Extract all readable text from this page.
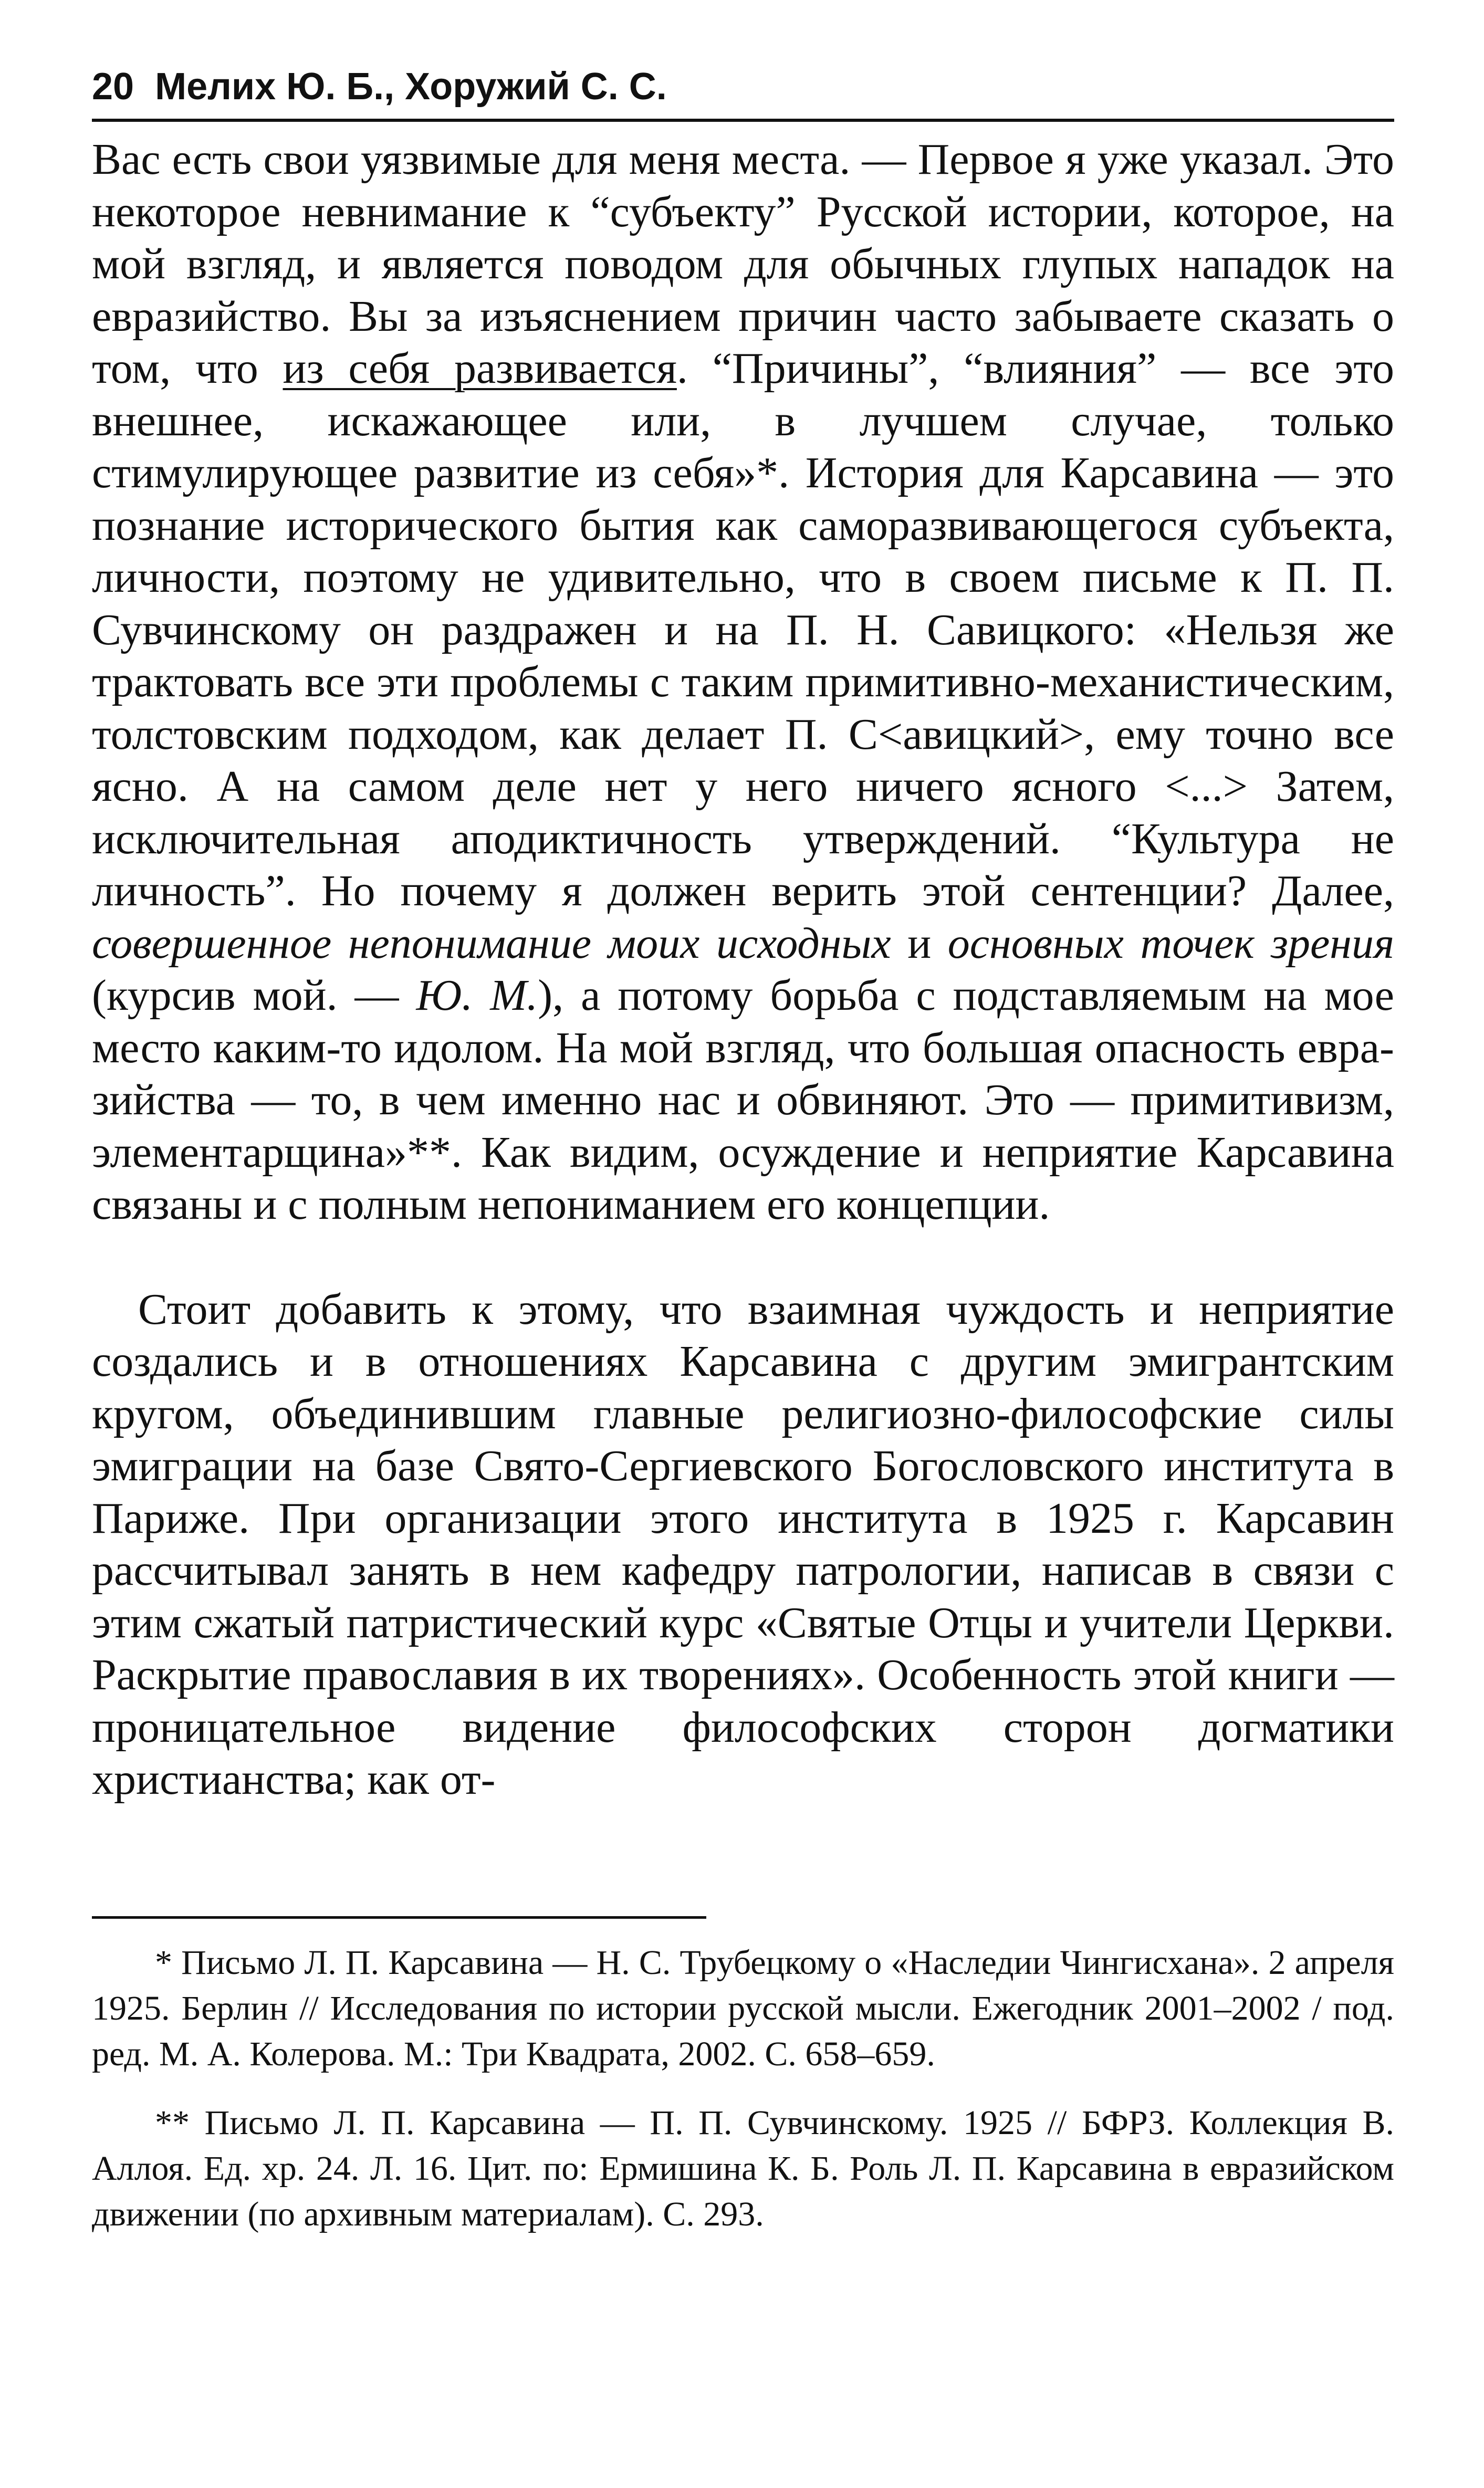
20 Мелих Ю. Б., Хоружий С. С.

Вас есть свои уязвимые для меня места. — Первое я уже указал. Это некоторое невнимание к “субъекту” Русской истории, которое, на мой взгляд, и является поводом для обычных глупых нападок на евразийство. Вы за изъяснением причин часто забываете сказать о том, что из себя развивается. “Причины”, “влияния” — все это внешнее, искажающее или, в лучшем случае, только стимулирующее развитие из себя»*. История для Карсавина — это познание исторического бытия как саморазвивающегося субъекта, личности, поэтому не удивительно, что в своем письме к П. П. Сувчинскому он раздражен и на П. Н. Савицкого: «Нельзя же трактовать все эти проблемы с таким примитивно-механистическим, толстовским подходом, как делает П. С<авицкий>, ему точно все ясно. А на самом деле нет у него ничего ясного <...> Затем, исключительная аподиктичность утверждений. “Культура не личность”. Но почему я должен верить этой сентенции? Далее, совершенное непонимание моих исходных и основных точек зрения (курсив мой. — Ю. М.), а потому борьба с подставляемым на мое место каким-то идолом. На мой взгляд, что большая опасность евразийства — то, в чем именно нас и обвиняют. Это — примитивизм, элементарщина»**. Как видим, осуждение и неприятие Карсавина связаны и с полным непониманием его концепции.

Стоит добавить к этому, что взаимная чуждость и неприятие создались и в отношениях Карсавина с другим эмигрантским кругом, объединившим главные религиозно-философские силы эмиграции на базе Свято-Сергиевского Богословского института в Париже. При организации этого института в 1925 г. Карсавин рассчитывал занять в нем кафедру патрологии, написав в связи с этим сжатый патристический курс «Святые Отцы и учители Церкви. Раскрытие православия в их творениях». Особенность этой книги — проницательное видение философских сторон догматики христианства; как от-

* Письмо Л. П. Карсавина — Н. С. Трубецкому о «Наследии Чингисхана». 2 апреля 1925. Берлин // Исследования по истории русской мысли. Ежегодник 2001–2002 / под. ред. М. А. Колерова. М.: Три Квадрата, 2002. С. 658–659.

** Письмо Л. П. Карсавина — П. П. Сувчинскому. 1925 // БФРЗ. Коллекция В. Аллоя. Ед. хр. 24. Л. 16. Цит. по: Ермишина К. Б. Роль Л. П. Карсавина в евразийском движении (по архивным материалам). С. 293.
